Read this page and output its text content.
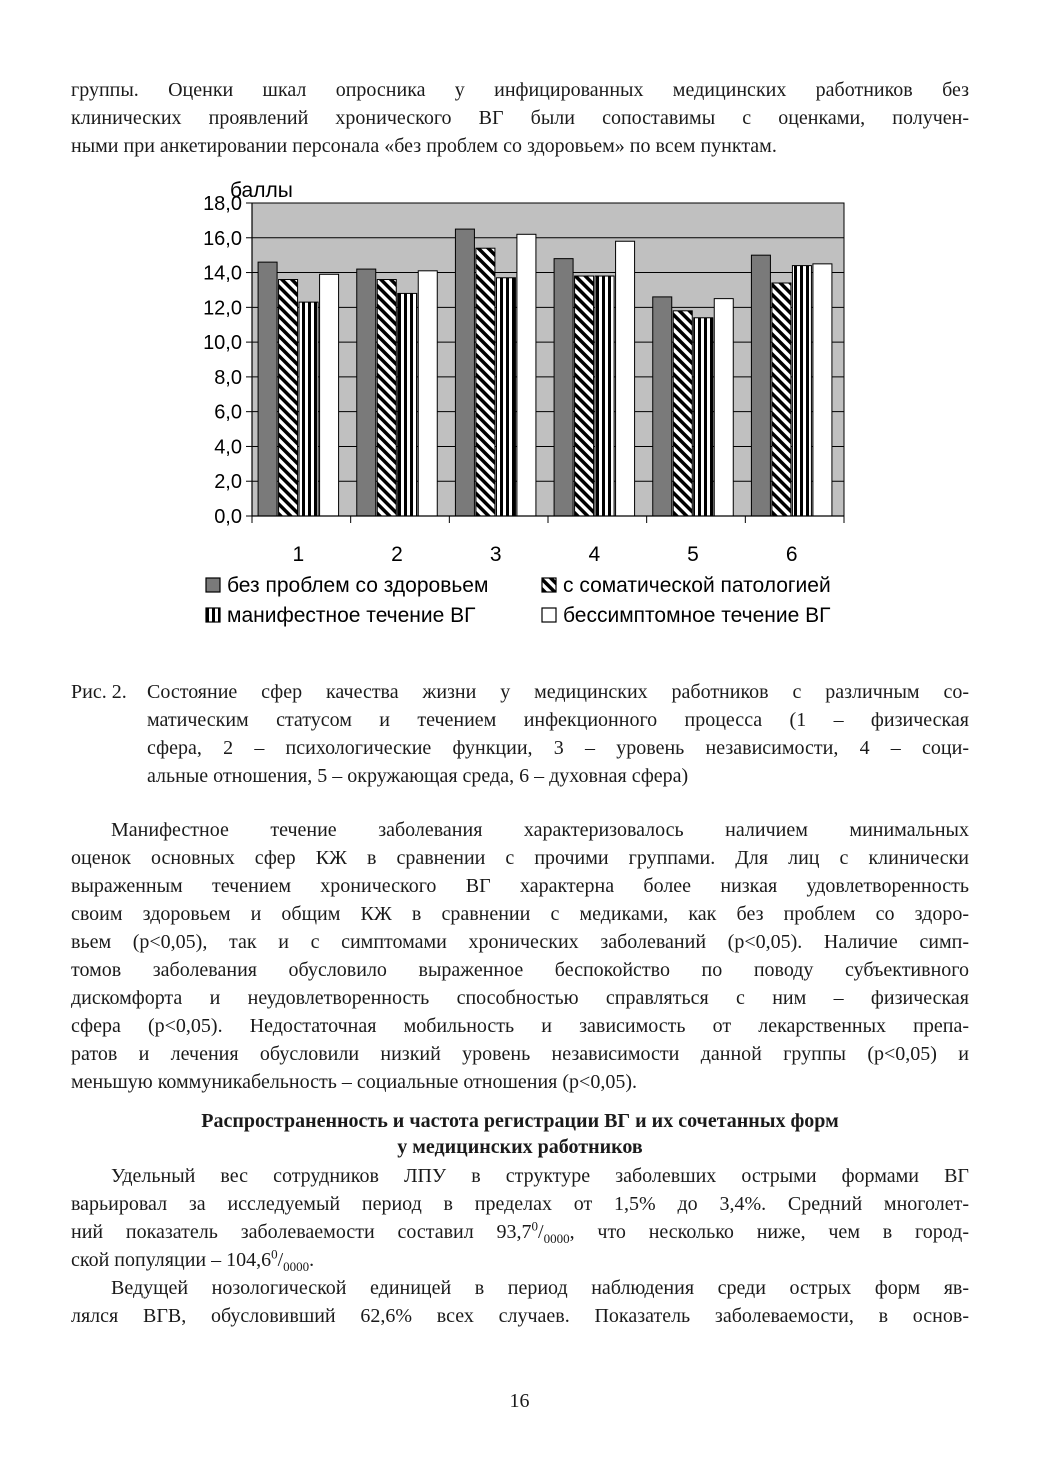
группы. Оценки шкал опросника у инфицированных медицинских работников без
клинических проявлений хронического ВГ были сопоставимы с оценками, получен-
ными при анкетировании персонала «без проблем со здоровьем» по всем пунктам.

0,0
2,0
4,0
6,0
8,0
10,0
12,0
14,0
16,0
18,0
1	2	3	4	5	6
баллы
без проблем со здоровьем	с соматической патологией
манифестное течение ВГ	бессимптомное течение ВГ
Рис. 2. Состояние сфер качества жизни у медицинских работников с различным со-
матическим статусом и течением инфекционного процесса (1 – физическая
сфера, 2 – психологические функции, 3 – уровень независимости, 4 – соци-
альные отношения, 5 – окружающая среда, 6 – духовная сфера)

Манифестное течение заболевания характеризовалось наличием минимальных
оценок основных сфер КЖ в сравнении с прочими группами. Для лиц с клинически
выраженным течением хронического ВГ характерна более низкая удовлетворенность
своим здоровьем и общим КЖ в сравнении с медиками, как без проблем со здоро-
вьем (р<0,05), так и с симптомами хронических заболеваний (р<0,05). Наличие симп-
томов заболевания обусловило выраженное беспокойство по поводу субъективного
дискомфорта и неудовлетворенность способностью справляться с ним – физическая
сфера (р<0,05). Недостаточная мобильность и зависимость от лекарственных препа-
ратов и лечения обусловили низкий уровень независимости данной группы (р<0,05) и
меньшую коммуникабельность – социальные отношения (р<0,05).

Распространенность и частота регистрации ВГ и их сочетанных форм
у медицинских работников

Удельный вес сотрудников ЛПУ в структуре заболевших острыми формами ВГ
варьировал за исследуемый период в пределах от 1,5% до 3,4%. Средний многолет-
ний показатель заболеваемости составил $93,7^0/_{0000}$, что несколько ниже, чем в город-
ской популяции – $104,6^0/_{0000}$.

Ведущей нозологической единицей в период наблюдения среди острых форм яв-
лялся ВГВ, обусловивший 62,6% всех случаев. Показатель заболеваемости, в основ-

16
